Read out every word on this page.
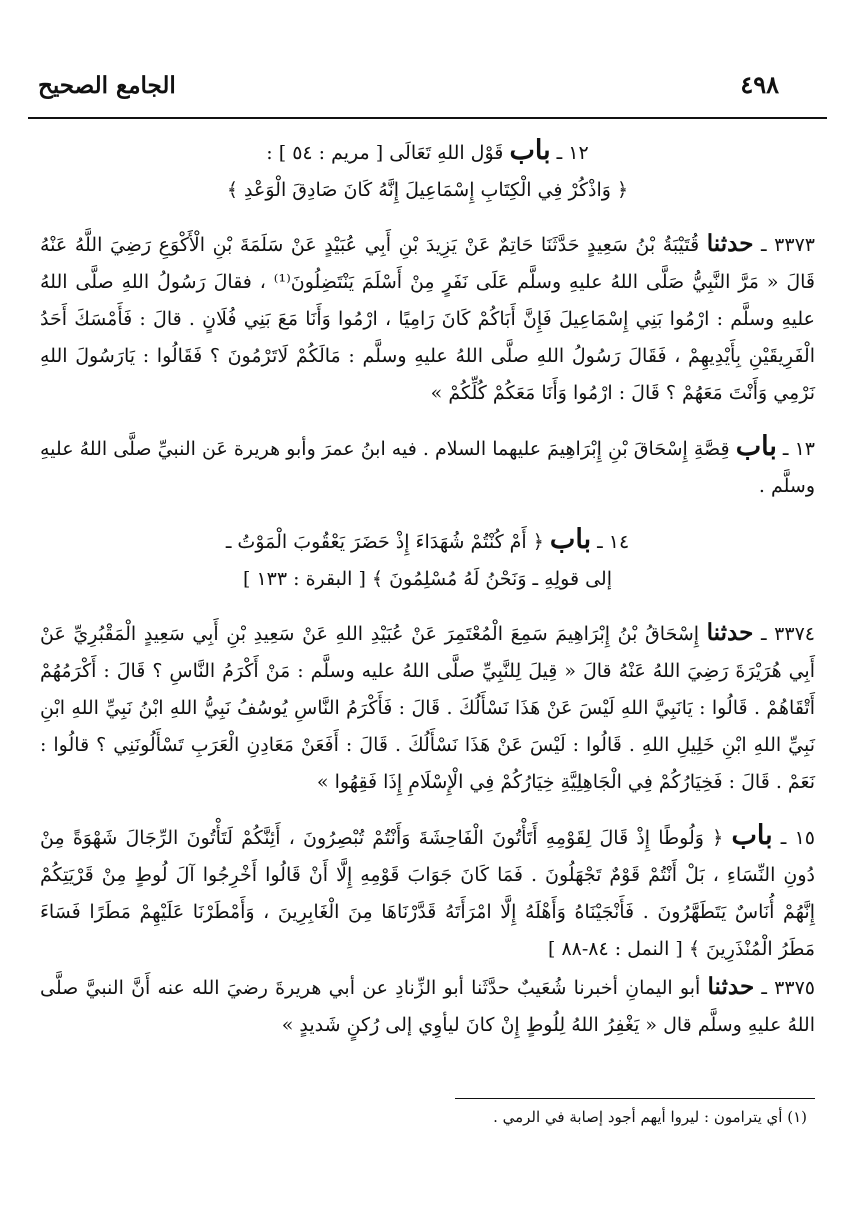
٤٩٨
الجامع الصحيح

١٢ ـ باب قَوْل اللهِ تَعَالَى [ مريم : ٥٤ ] :

﴿ وَاذْكُرْ فِي الْكِتَابِ إِسْمَاعِيلَ إِنَّهُ كَانَ صَادِقَ الْوَعْدِ ﴾

٣٣٧٣ ـ حدثنا قُتَيْبَةُ بْنُ سَعِيدٍ حَدَّثَنَا حَاتِمٌ عَنْ يَزِيدَ بْنِ أَبِي عُبَيْدٍ عَنْ سَلَمَةَ بْنِ الْأَكْوَعِ رَضِيَ اللَّهُ عَنْهُ قَالَ « مَرَّ النَّبِيُّ صَلَّى اللهُ عليهِ وسلَّم عَلَى نَفَرٍ مِنْ أَسْلَمَ يَنْتَضِلُونَ⁽¹⁾ ، فقالَ رَسُولُ اللهِ صلَّى اللهُ عليهِ وسلَّم : ارْمُوا بَنِي إِسْمَاعِيلَ فَإِنَّ أَبَاكُمْ كَانَ رَامِيًا ، ارْمُوا وَأَنَا مَعَ بَنِي فُلَانٍ . قالَ : فَأَمْسَكَ أَحَدُ الْفَرِيقَيْنِ بِأَيْدِيهِمْ ، فَقَالَ رَسُولُ اللهِ صلَّى اللهُ عليهِ وسلَّم : مَالَكُمْ لَاتَرْمُونَ ؟ فَقَالُوا : يَارَسُولَ اللهِ نَرْمِي وَأَنْتَ مَعَهُمْ ؟ قَالَ : ارْمُوا وَأَنَا مَعَكُمْ كُلِّكُمْ »

١٣ ـ باب قِصَّةِ إِسْحَاقَ بْنِ إِبْرَاهِيمَ عليهما السلام . فيه ابنُ عمرَ وأبو هريرة عَن النبيِّ صلَّى اللهُ عليهِ وسلَّم .

١٤ ـ باب ﴿ أَمْ كُنْتُمْ شُهَدَاءَ إِذْ حَضَرَ يَعْقُوبَ الْمَوْتُ ـ

إلى قولِهِ ـ وَنَحْنُ لَهُ مُسْلِمُونَ ﴾ [ البقرة : ١٣٣ ]

٣٣٧٤ ـ حدثنا إِسْحَاقُ بْنُ إِبْرَاهِيمَ سَمِعَ الْمُعْتَمِرَ عَنْ عُبَيْدِ اللهِ عَنْ سَعِيدِ بْنِ أَبِي سَعِيدٍ الْمَقْبُرِيِّ عَنْ أَبِي هُرَيْرَةَ رَضِيَ اللهُ عَنْهُ قالَ « قِيلَ لِلنَّبِيِّ صلَّى اللهُ عليه وسلَّم : مَنْ أَكْرَمُ النَّاسِ ؟ قَالَ : أَكْرَمُهُمْ أَتْقَاهُمْ . قَالُوا : يَانَبِيَّ اللهِ لَيْسَ عَنْ هَذَا نَسْأَلُكَ . قَالَ : فَأَكْرَمُ النَّاسِ يُوسُفُ نَبِيُّ اللهِ ابْنُ نَبِيِّ اللهِ ابْنِ نَبِيِّ اللهِ ابْنِ خَلِيلِ اللهِ . قَالُوا : لَيْسَ عَنْ هَذَا نَسْأَلُكَ . قَالَ : أَفَعَنْ مَعَادِنِ الْعَرَبِ تَسْأَلُونَنِي ؟ قالُوا : نَعَمْ . قَالَ : فَخِيَارُكُمْ فِي الْجَاهِلِيَّةِ خِيَارُكُمْ فِي الْإِسْلَامِ إِذَا فَقِهُوا »

١٥ ـ باب ﴿ وَلُوطًا إِذْ قَالَ لِقَوْمِهِ أَتَأْتُونَ الْفَاحِشَةَ وَأَنْتُمْ تُبْصِرُونَ ، أَئِنَّكُمْ لَتَأْتُونَ الرِّجَالَ شَهْوَةً مِنْ دُونِ النِّسَاءِ ، بَلْ أَنْتُمْ قَوْمٌ تَجْهَلُونَ . فَمَا كَانَ جَوَابَ قَوْمِهِ إِلَّا أَنْ قَالُوا أَخْرِجُوا آلَ لُوطٍ مِنْ قَرْيَتِكُمْ إِنَّهُمْ أُنَاسٌ يَتَطَهَّرُونَ . فَأَنْجَيْنَاهُ وَأَهْلَهُ إِلَّا امْرَأَتَهُ قَدَّرْنَاهَا مِنَ الْغَابِرِينَ ، وَأَمْطَرْنَا عَلَيْهِمْ مَطَرًا فَسَاءَ مَطَرُ الْمُنْذَرِينَ ﴾ [ النمل : ٨٤-٨٨ ]

٣٣٧٥ ـ حدثنا أبو اليمانِ أخبرنا شُعَيبٌ حدَّثَنا أبو الزِّنادِ عن أبي هريرةَ رضيَ الله عنه أَنَّ النبيَّ صلَّى اللهُ عليهِ وسلَّم قال « يَغْفِرُ اللهُ لِلُوطٍ إِنْ كانَ ليأوِي إلى رُكنٍ شَديدٍ »

(١) أي يترامون : ليروا أيهم أجود إصابة في الرمي .
